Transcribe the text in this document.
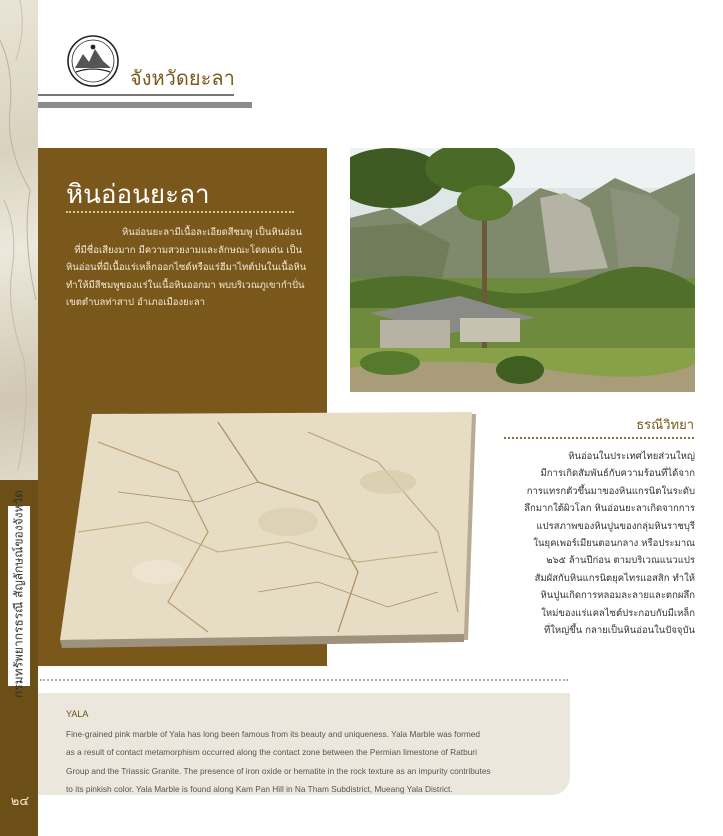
กรมทรัพยากรธรณี สัญลักษณ์ของจังหวัด
๒๔
จังหวัดยะลา
หินอ่อนยะลา
หินอ่อนยะลามีเนื้อละเอียดสีชมพู เป็นหินอ่อน
ที่มีชื่อเสียงมาก มีความสวยงามและลักษณะโดดเด่น เป็น
หินอ่อนที่มีเนื้อแร่เหล็กออกไซด์หรือแร่ฮีมาไทต์ปนในเนื้อหิน
ทำให้มีสีชมพูของแร่ในเนื้อหินออกมา พบบริเวณภูเขากำปั่น
เขตตำบลท่าสาป อำเภอเมืองยะลา
ธรณีวิทยา
หินอ่อนในประเทศไทยส่วนใหญ่
มีการเกิดสัมพันธ์กับความร้อนที่ได้จาก
การแทรกตัวขึ้นมาของหินแกรนิตในระดับ
ลึกมากใต้ผิวโลก หินอ่อนยะลาเกิดจากการ
แปรสภาพของหินปูนของกลุ่มหินราชบุรี
ในยุคเพอร์เมียนตอนกลาง หรือประมาณ
๒๖๕ ล้านปีก่อน ตามบริเวณแนวแปร
สัมผัสกับหินแกรนิตยุคไทรแอสสิก ทำให้
หินปูนเกิดการหลอมละลายและตกผลึก
ใหม่ของแร่แคลไซต์ประกอบกับมีเหล็ก
ที่ใหญ่ขึ้น กลายเป็นหินอ่อนในปัจจุบัน
YALA
Fine-grained pink marble of Yala has long been famous from its beauty and uniqueness. Yala Marble was formed
as a result of contact metamorphism occurred along the contact zone between the Permian limestone of Ratburi
Group and the Triassic Granite. The presence of iron oxide or hematite in the rock texture as an impurity contributes
to its pinkish color. Yala Marble is found along Kam Pan Hill in Na Tham Subdistrict, Mueang Yala District.
